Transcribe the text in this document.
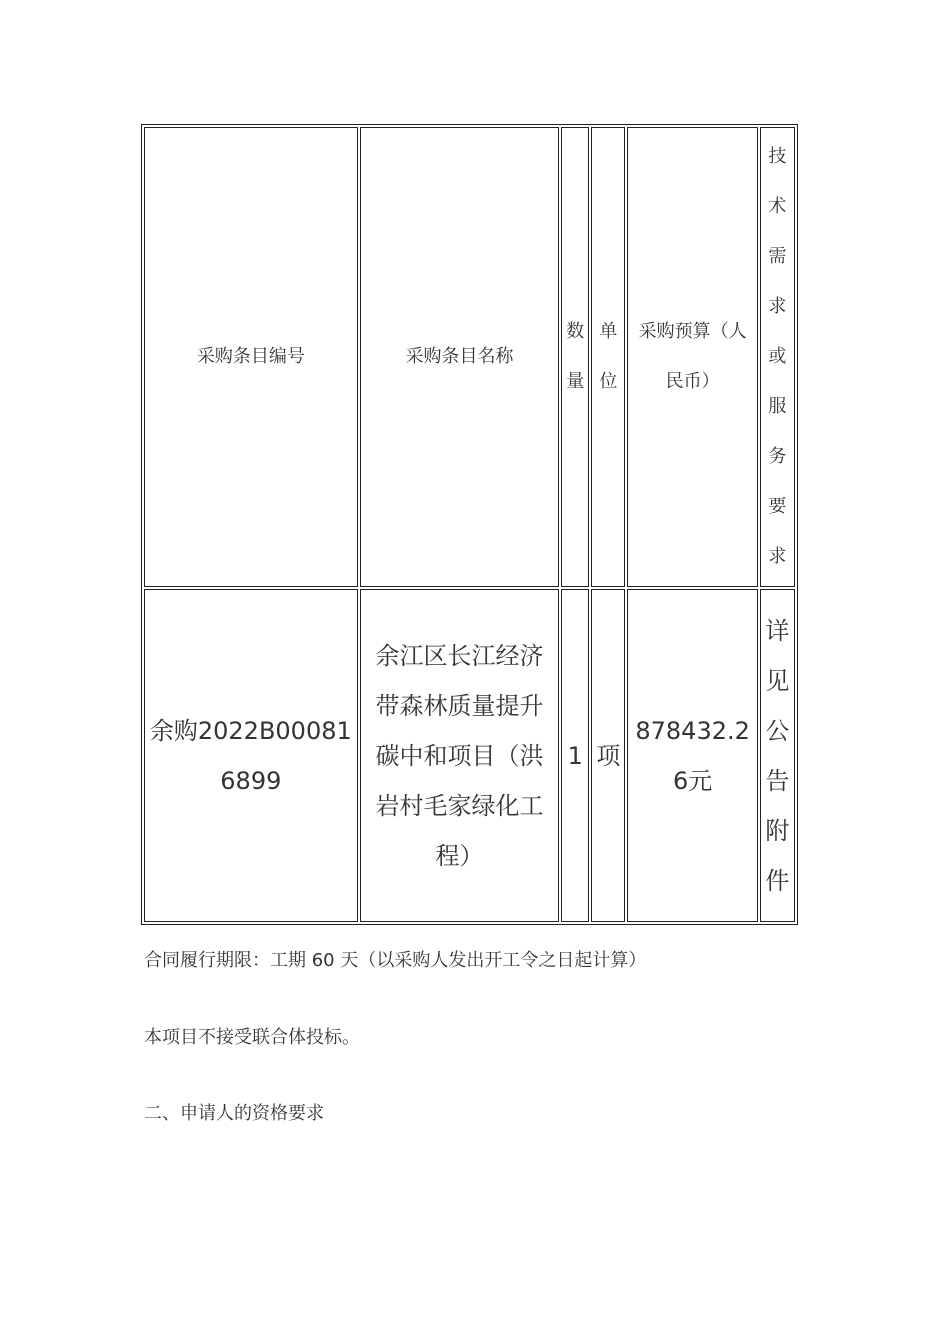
采购条目编号	采购条目名称	数量	单位	采购预算（人民币）	技术需求或服务要求

余购2022B000816899	余江区长江经济带森林质量提升碳中和项目（洪岩村毛家绿化工程）	1	项	878432.26元	详见公告附件
合同履行期限：工期 60 天（以采购人发出开工令之日起计算）
本项目不接受联合体投标。
二、申请人的资格要求
